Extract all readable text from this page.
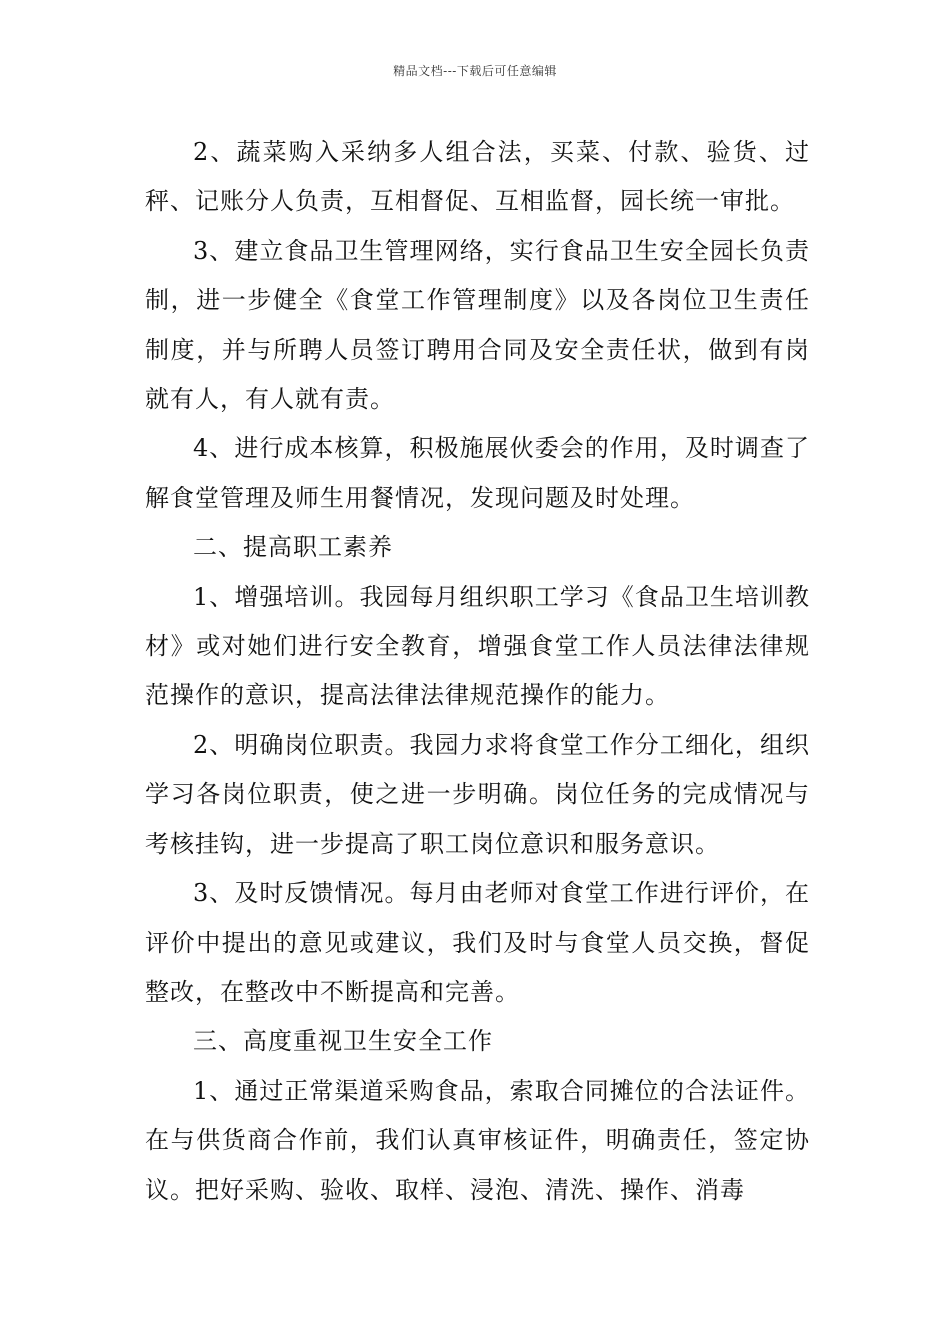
精品文档---下载后可任意编辑

2、蔬菜购入采纳多人组合法，买菜、付款、验货、过秤、记账分人负责，互相督促、互相监督，园长统一审批。

3、建立食品卫生管理网络，实行食品卫生安全园长负责制，进一步健全《食堂工作管理制度》以及各岗位卫生责任制度，并与所聘人员签订聘用合同及安全责任状，做到有岗就有人，有人就有责。

4、进行成本核算，积极施展伙委会的作用，及时调查了解食堂管理及师生用餐情况，发现问题及时处理。

二、提高职工素养

1、增强培训。我园每月组织职工学习《食品卫生培训教材》或对她们进行安全教育，增强食堂工作人员法律法律规范操作的意识，提高法律法律规范操作的能力。

2、明确岗位职责。我园力求将食堂工作分工细化，组织学习各岗位职责，使之进一步明确。岗位任务的完成情况与考核挂钩，进一步提高了职工岗位意识和服务意识。

3、及时反馈情况。每月由老师对食堂工作进行评价，在评价中提出的意见或建议，我们及时与食堂人员交换，督促整改，在整改中不断提高和完善。

三、高度重视卫生安全工作

1、通过正常渠道采购食品，索取合同摊位的合法证件。在与供货商合作前，我们认真审核证件，明确责任，签定协议。把好采购、验收、取样、浸泡、清洗、操作、消毒
